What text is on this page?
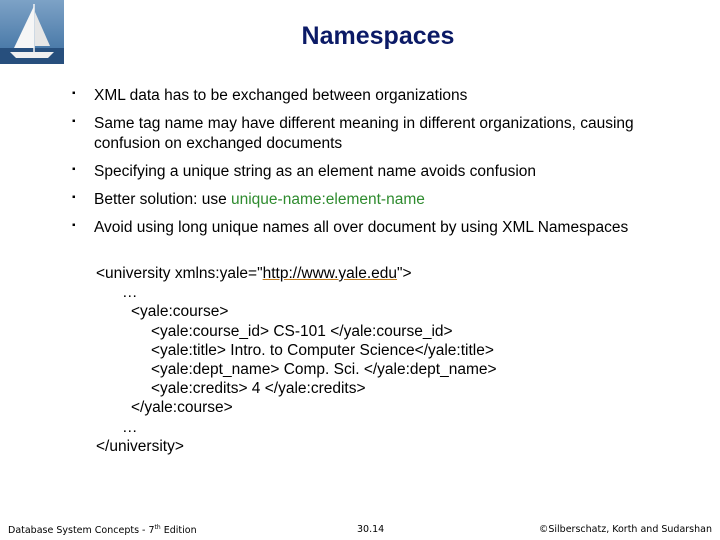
Namespaces
▪ XML data has to be exchanged between organizations
▪ Same tag name may have different meaning in different organizations, causing confusion on exchanged documents
▪ Specifying a unique string as an element name avoids confusion
▪ Better solution: use unique-name:element-name
▪ Avoid using long unique names all over document by using XML Namespaces
<university xmlns:yale="http://www.yale.edu">
…
<yale:course>
<yale:course_id> CS-101 </yale:course_id>
<yale:title> Intro. to Computer Science</yale:title>
<yale:dept_name> Comp. Sci. </yale:dept_name>
<yale:credits> 4 </yale:credits>
</yale:course>
…
</university>
Database System Concepts - 7th Edition	30.14	©Silberschatz, Korth and Sudarshan
